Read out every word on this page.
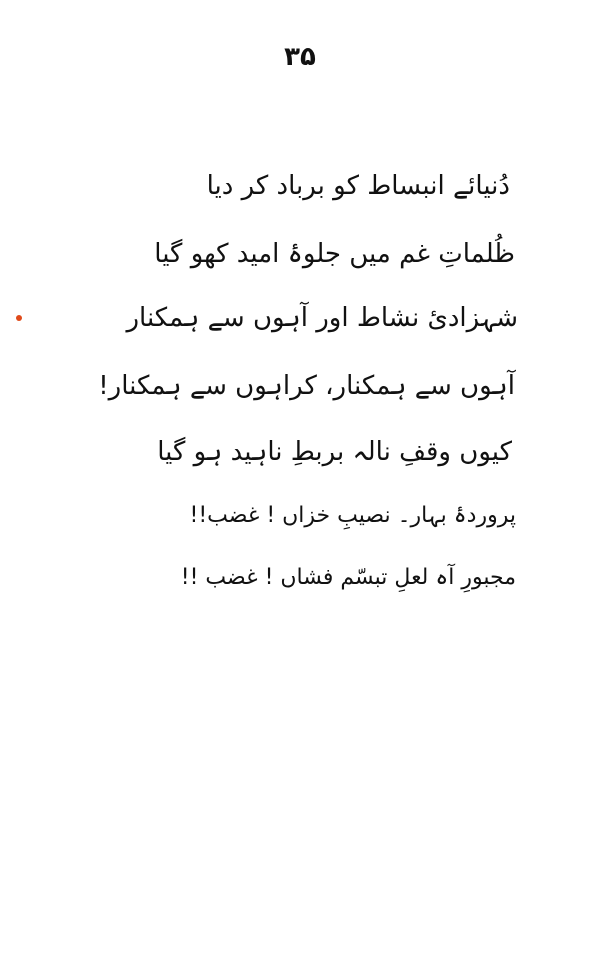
۳۵
دُنیائے انبساط کو برباد کر دیا
ظُلماتِ غم میں جلوۂ امید کھو گیا
شہزادیٔ نشاط اور آہوں سے ہمکنار
آہوں سے ہمکنار، کراہوں سے ہمکنار!
کیوں وقفِ نالہ بربطِ ناہید ہو گیا
پروردۂ بہار۔ نصیبِ خزاں ! غضب!!
مجبورِ آہ لعلِ تبسّم فشاں ! غضب !!
